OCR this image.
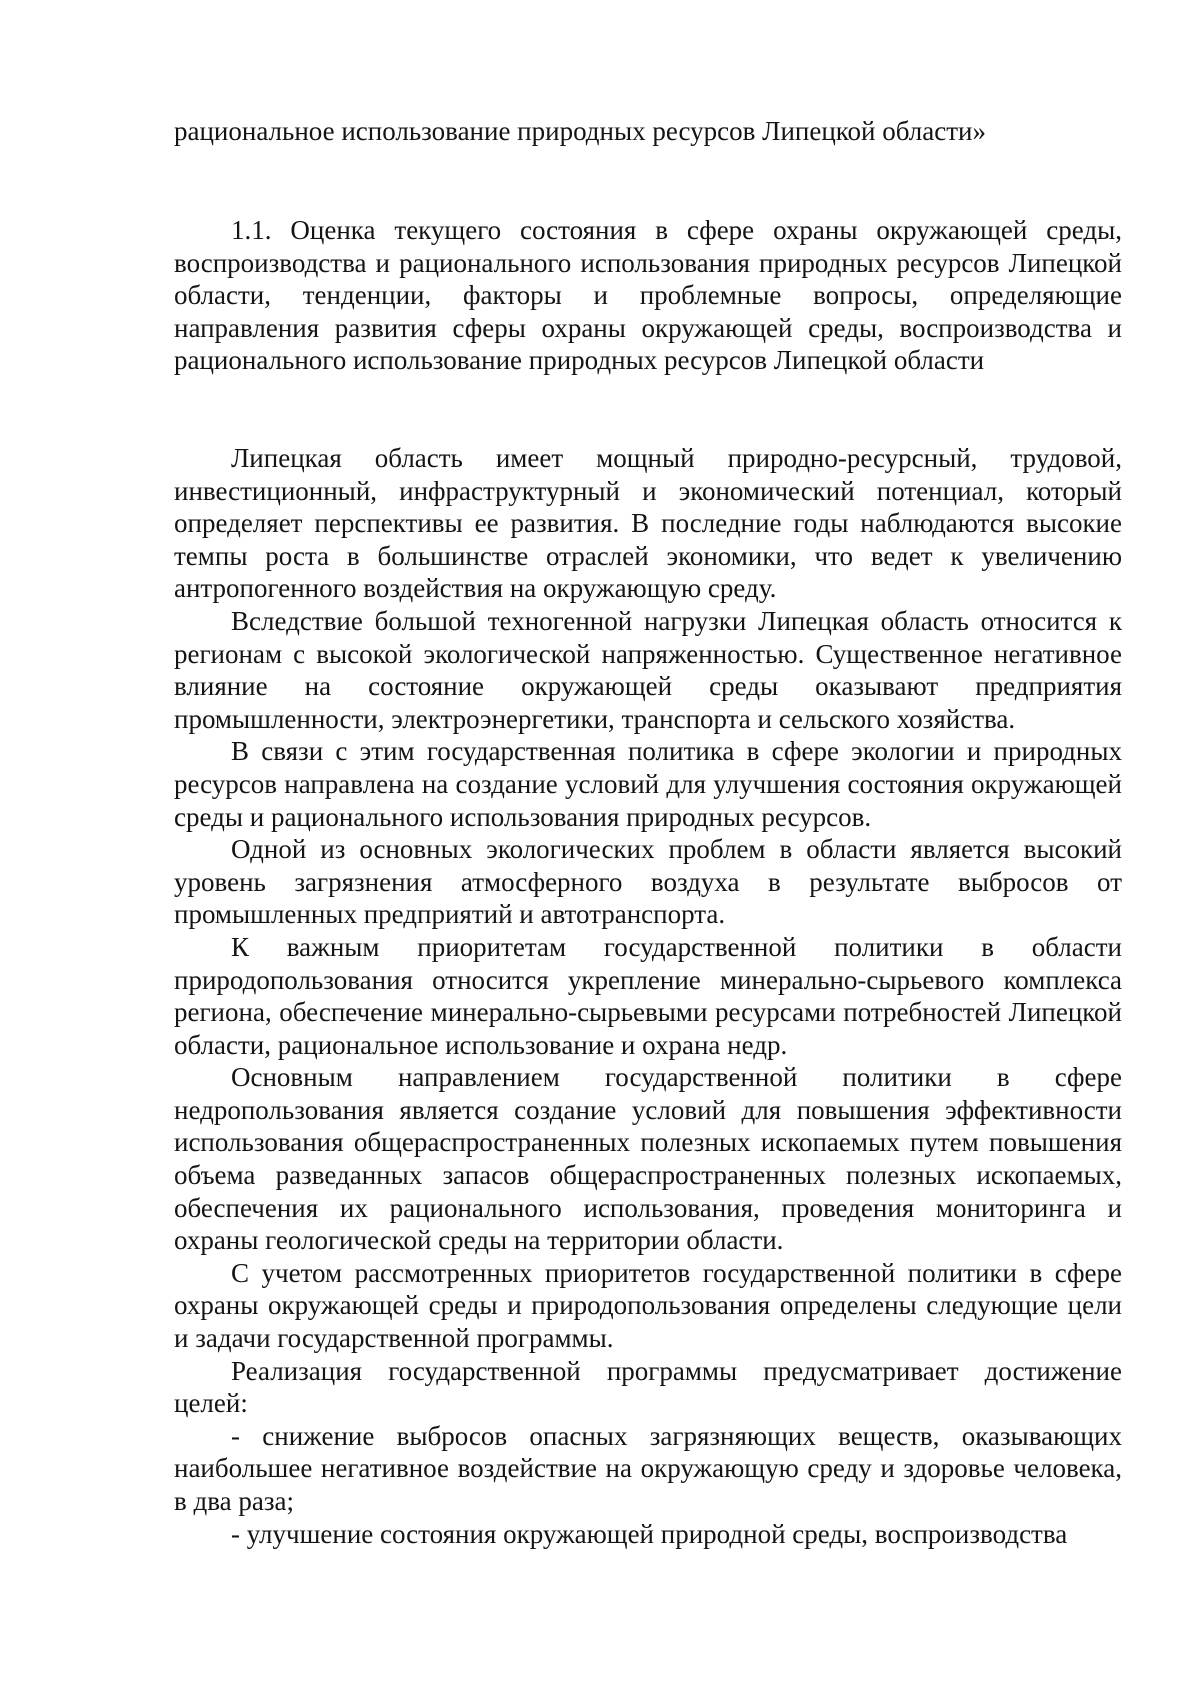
рациональное использование природных ресурсов Липецкой области»
1.1. Оценка текущего состояния в сфере охраны окружающей среды, воспроизводства и рационального использования природных ресурсов Липецкой области, тенденции, факторы и проблемные вопросы, определяющие направления развития сферы охраны окружающей среды, воспроизводства и рационального использование природных ресурсов Липецкой области

Липецкая область имеет мощный природно-ресурсный, трудовой, инвестиционный, инфраструктурный и экономический потенциал, который определяет перспективы ее развития. В последние годы наблюдаются высокие темпы роста в большинстве отраслей экономики, что ведет к увеличению антропогенного воздействия на окружающую среду.

Вследствие большой техногенной нагрузки Липецкая область относится к регионам с высокой экологической напряженностью. Существенное негативное влияние на состояние окружающей среды оказывают предприятия промышленности, электроэнергетики, транспорта и сельского хозяйства.

В связи с этим государственная политика в сфере экологии и природных ресурсов направлена на создание условий для улучшения состояния окружающей среды и рационального использования природных ресурсов.

Одной из основных экологических проблем в области является высокий уровень загрязнения атмосферного воздуха в результате выбросов от промышленных предприятий и автотранспорта.

К важным приоритетам государственной политики в области природопользования относится укрепление минерально-сырьевого комплекса региона, обеспечение минерально-сырьевыми ресурсами потребностей Липецкой области, рациональное использование и охрана недр.

Основным направлением государственной политики в сфере недропользования является создание условий для повышения эффективности использования общераспространенных полезных ископаемых путем повышения объема разведанных запасов общераспространенных полезных ископаемых, обеспечения их рационального использования, проведения мониторинга и охраны геологической среды на территории области.

С учетом рассмотренных приоритетов государственной политики в сфере охраны окружающей среды и природопользования определены следующие цели и задачи государственной программы.

Реализация государственной программы предусматривает достижение целей:

- снижение выбросов опасных загрязняющих веществ, оказывающих наибольшее негативное воздействие на окружающую среду и здоровье человека, в два раза;

- улучшение состояния окружающей природной среды, воспроизводства
